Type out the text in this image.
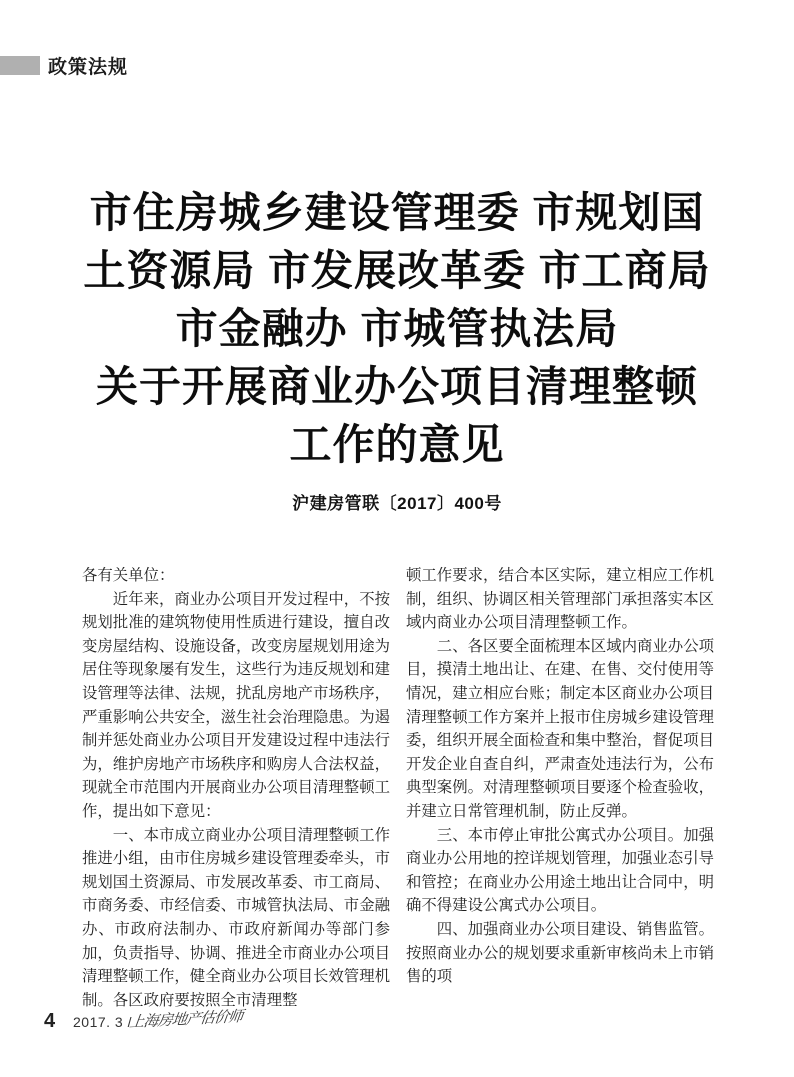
政策法规
市住房城乡建设管理委 市规划国
土资源局 市发展改革委 市工商局
市金融办 市城管执法局
关于开展商业办公项目清理整顿
工作的意见
沪建房管联〔2017〕400号

各有关单位：

近年来，商业办公项目开发过程中，不按规划批准的建筑物使用性质进行建设，擅自改变房屋结构、设施设备，改变房屋规划用途为居住等现象屡有发生，这些行为违反规划和建设管理等法律、法规，扰乱房地产市场秩序，严重影响公共安全，滋生社会治理隐患。为遏制并惩处商业办公项目开发建设过程中违法行为，维护房地产市场秩序和购房人合法权益，现就全市范围内开展商业办公项目清理整顿工作，提出如下意见：

一、本市成立商业办公项目清理整顿工作推进小组，由市住房城乡建设管理委牵头，市规划国土资源局、市发展改革委、市工商局、市商务委、市经信委、市城管执法局、市金融办、市政府法制办、市政府新闻办等部门参加，负责指导、协调、推进全市商业办公项目清理整顿工作，健全商业办公项目长效管理机制。各区政府要按照全市清理整

顿工作要求，结合本区实际，建立相应工作机制，组织、协调区相关管理部门承担落实本区域内商业办公项目清理整顿工作。

二、各区要全面梳理本区域内商业办公项目，摸清土地出让、在建、在售、交付使用等情况，建立相应台账；制定本区商业办公项目清理整顿工作方案并上报市住房城乡建设管理委，组织开展全面检查和集中整治，督促项目开发企业自查自纠，严肃查处违法行为，公布典型案例。对清理整顿项目要逐个检查验收，并建立日常管理机制，防止反弹。

三、本市停止审批公寓式办公项目。加强商业办公用地的控详规划管理，加强业态引导和管控；在商业办公用途土地出让合同中，明确不得建设公寓式办公项目。

四、加强商业办公项目建设、销售监管。按照商业办公的规划要求重新审核尚未上市销售的项

4 2017. 3 /
上海房地产估价师
